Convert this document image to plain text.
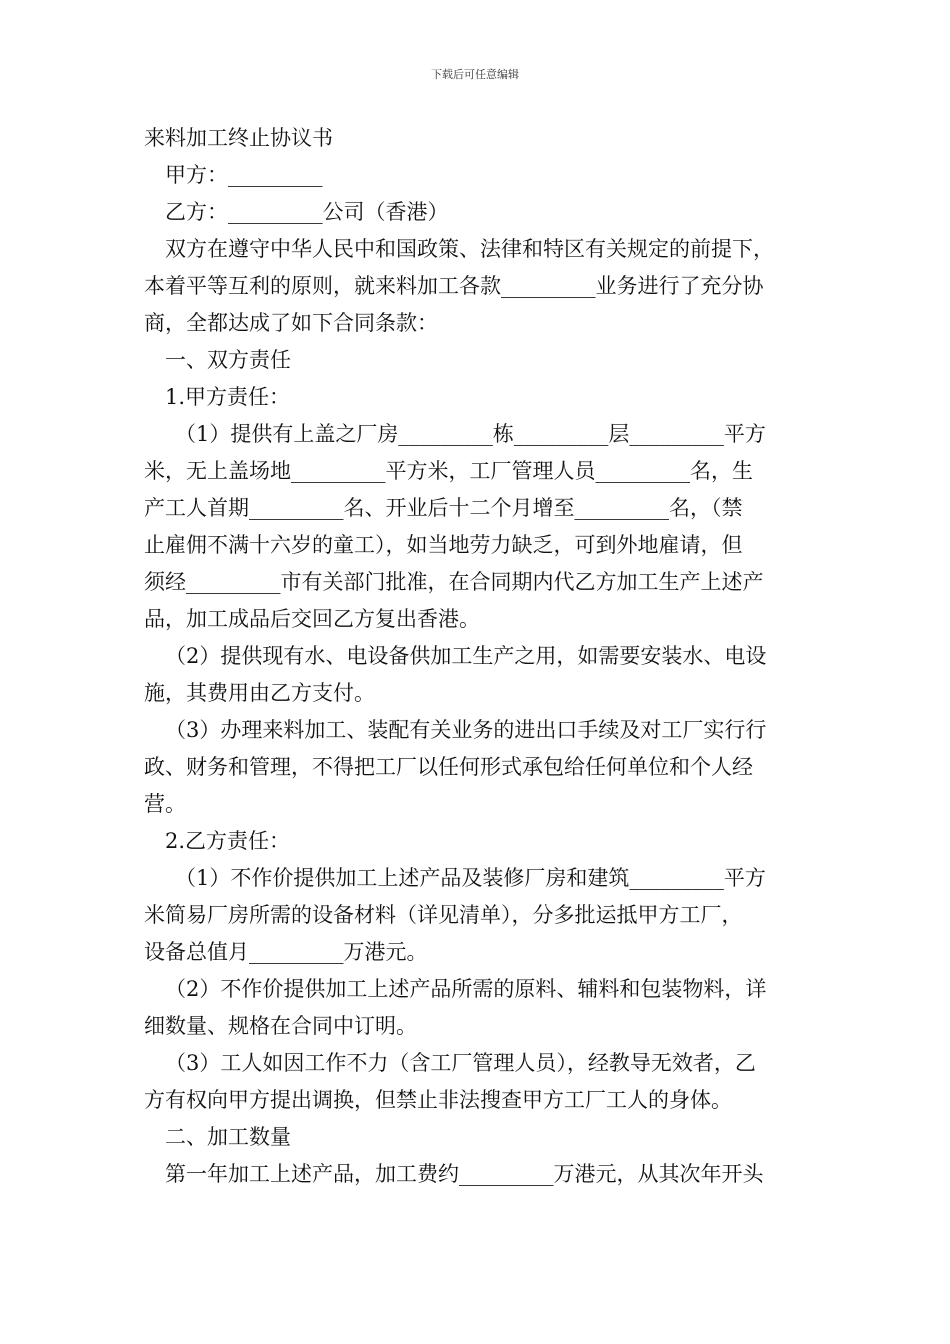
下载后可任意编辑
来料加工终止协议书
甲方：_________
乙方：_________公司（香港）
双方在遵守中华人民中和国政策、法律和特区有关规定的前提下，
本着平等互利的原则，就来料加工各款_________业务进行了充分协
商，全都达成了如下合同条款：
一、双方责任
1.甲方责任：
（1）提供有上盖之厂房_________栋_________层_________平方
米，无上盖场地_________平方米，工厂管理人员_________名，生
产工人首期_________名、开业后十二个月增至_________名，（禁
止雇佣不满十六岁的童工），如当地劳力缺乏，可到外地雇请，但
须经_________市有关部门批准，在合同期内代乙方加工生产上述产
品，加工成品后交回乙方复出香港。
（2）提供现有水、电设备供加工生产之用，如需要安装水、电设
施，其费用由乙方支付。
（3）办理来料加工、装配有关业务的进出口手续及对工厂实行行
政、财务和管理，不得把工厂以任何形式承包给任何单位和个人经
营。
2.乙方责任：
（1）不作价提供加工上述产品及装修厂房和建筑_________平方
米简易厂房所需的设备材料（详见清单），分多批运抵甲方工厂，
设备总值月_________万港元。
（2）不作价提供加工上述产品所需的原料、辅料和包装物料，详
细数量、规格在合同中订明。
（3）工人如因工作不力（含工厂管理人员），经教导无效者，乙
方有权向甲方提出调换，但禁止非法搜查甲方工厂工人的身体。
二、加工数量
第一年加工上述产品，加工费约_________万港元，从其次年开头
